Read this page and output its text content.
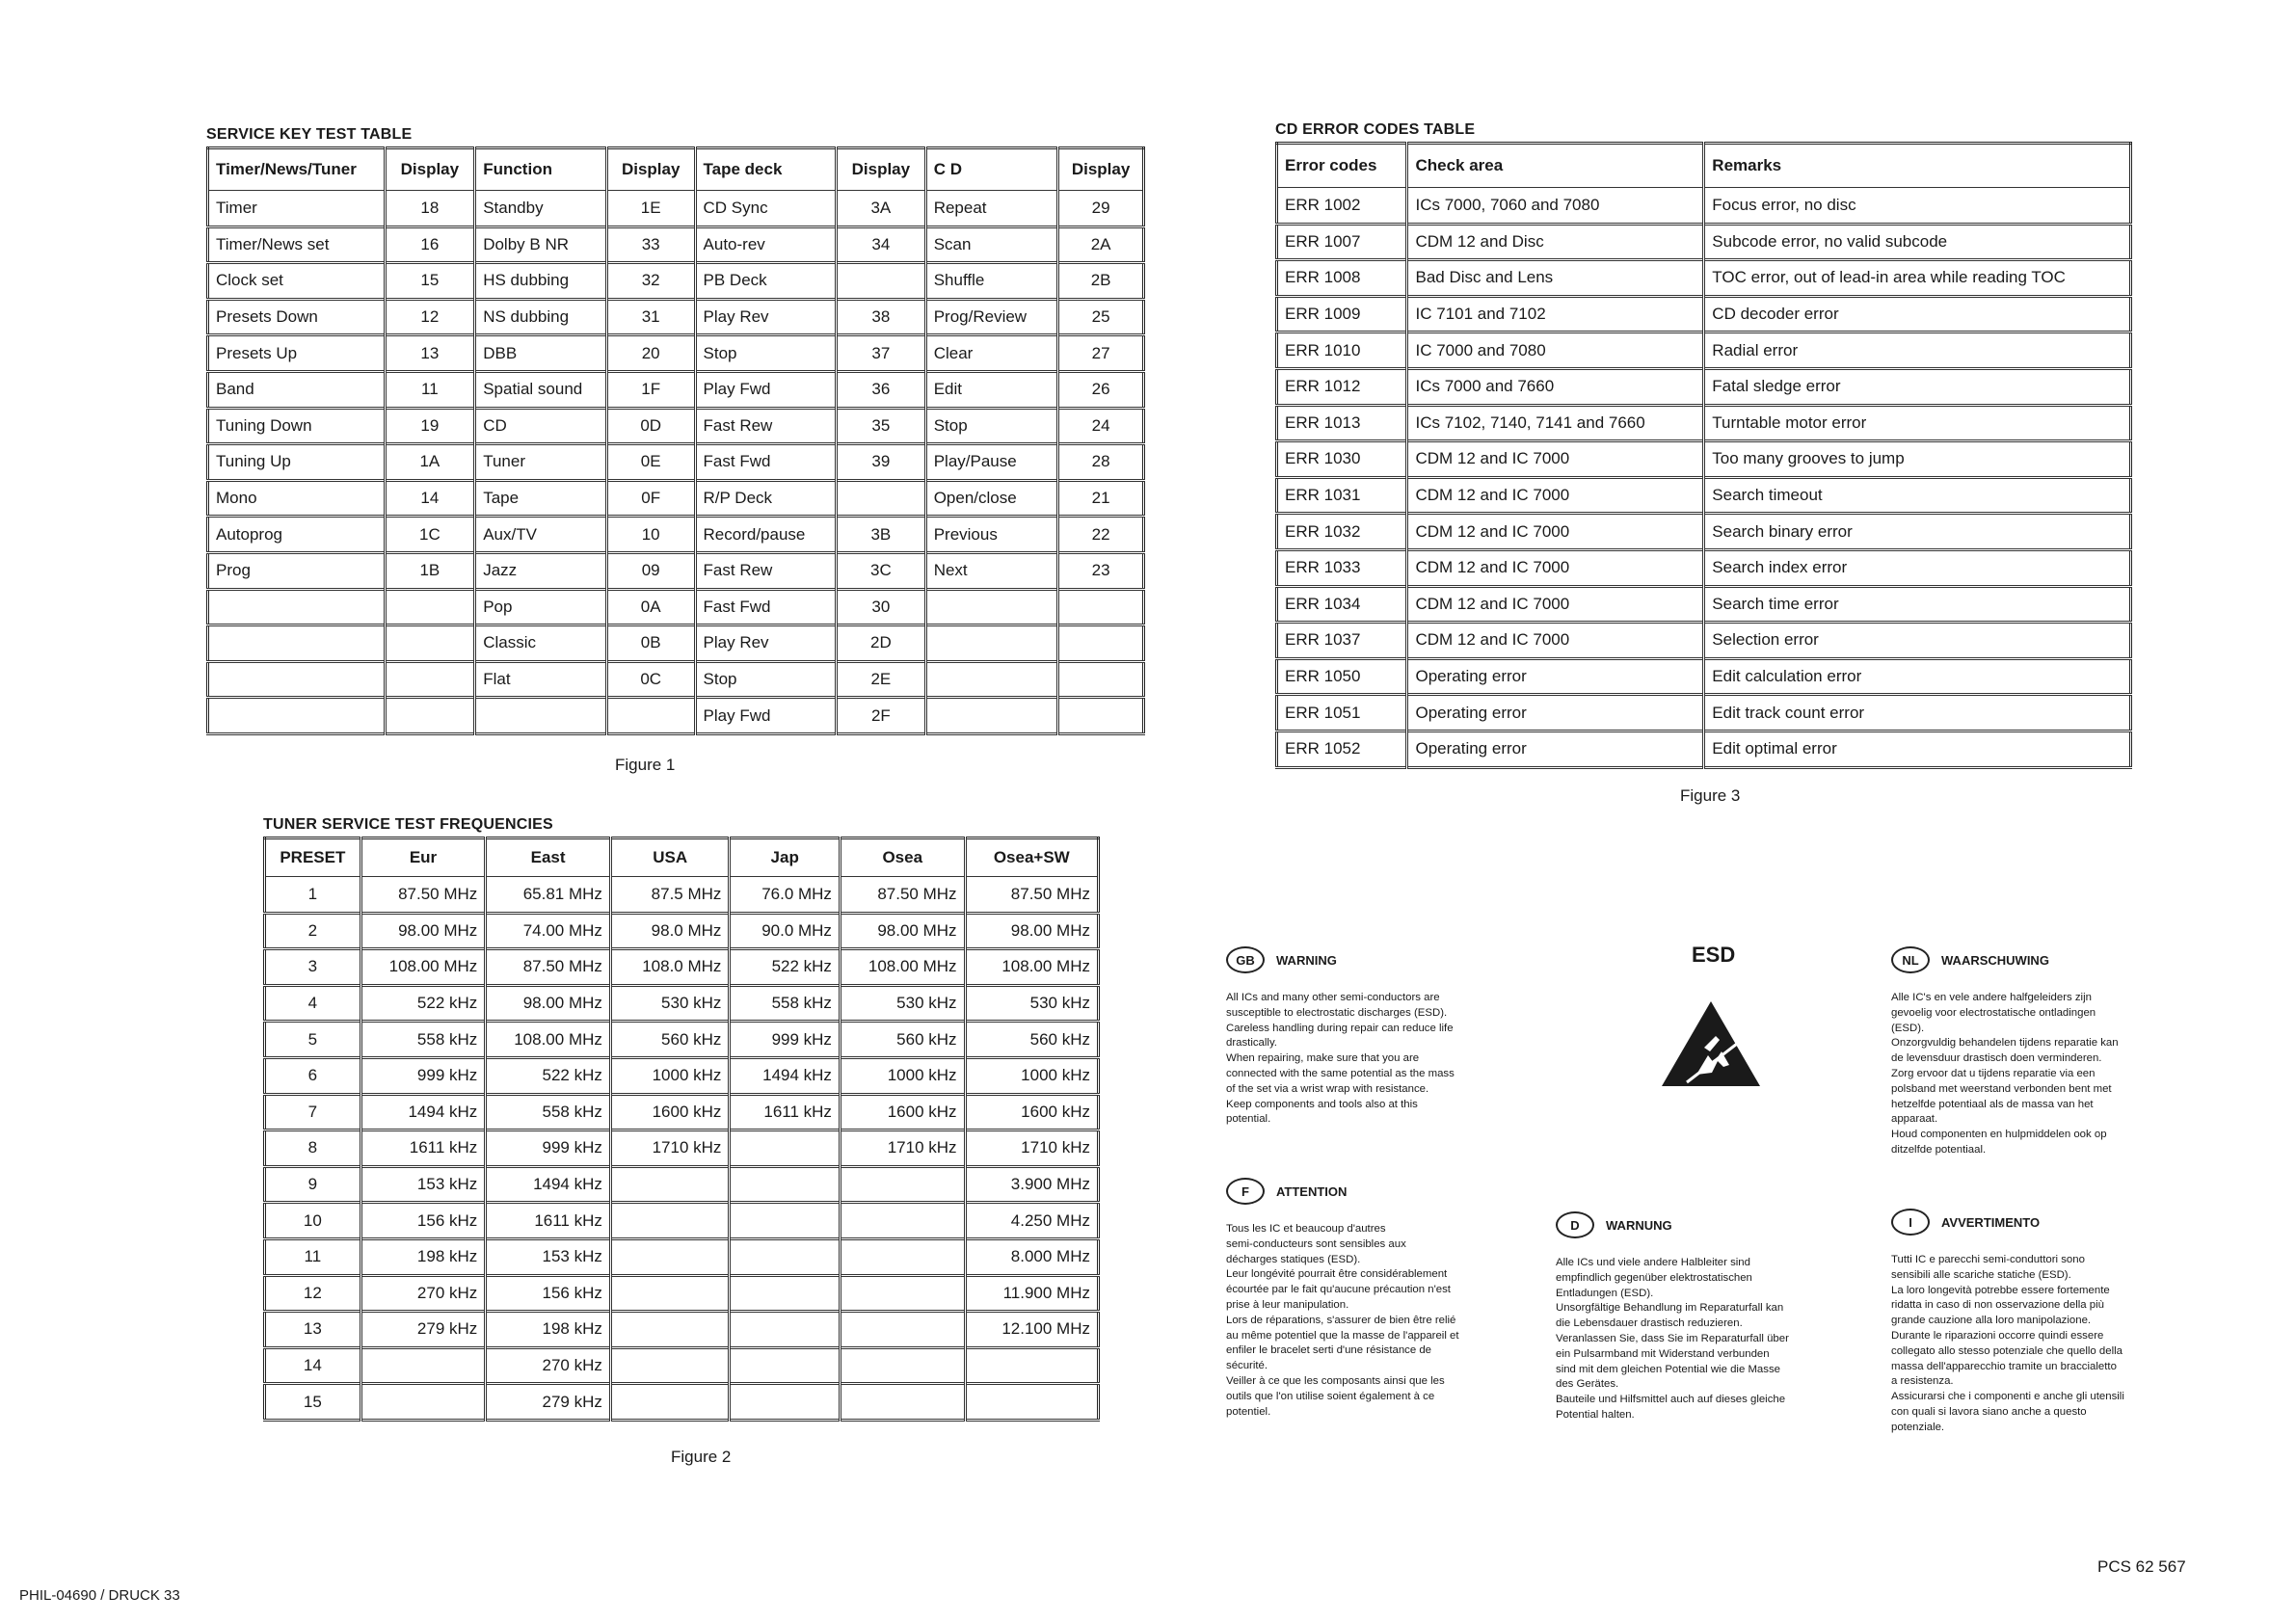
SERVICE KEY TEST TABLE
Timer/News/Tuner	Display	Function	Display	Tape deck	Display	C D	Display
Timer	18	Standby	1E	CD Sync	3A	Repeat	29
Timer/News set	16	Dolby B NR	33	Auto-rev	34	Scan	2A
Clock set	15	HS dubbing	32	PB Deck		Shuffle	2B
Presets Down	12	NS dubbing	31	Play Rev	38	Prog/Review	25
Presets Up	13	DBB	20	Stop	37	Clear	27
Band	11	Spatial sound	1F	Play Fwd	36	Edit	26
Tuning Down	19	CD	0D	Fast Rew	35	Stop	24
Tuning Up	1A	Tuner	0E	Fast Fwd	39	Play/Pause	28
Mono	14	Tape	0F	R/P Deck		Open/close	21
Autoprog	1C	Aux/TV	10	Record/pause	3B	Previous	22
Prog	1B	Jazz	09	Fast Rew	3C	Next	23
		Pop	0A	Fast Fwd	30		
		Classic	0B	Play Rev	2D		
		Flat	0C	Stop	2E		
				Play Fwd	2F		
Figure 1
TUNER SERVICE TEST FREQUENCIES
PRESET	Eur	East	USA	Jap	Osea	Osea+SW
1	87.50 MHz	65.81 MHz	87.5 MHz	76.0 MHz	87.50 MHz	87.50 MHz
2	98.00 MHz	74.00 MHz	98.0 MHz	90.0 MHz	98.00 MHz	98.00 MHz
3	108.00 MHz	87.50 MHz	108.0 MHz	522 kHz	108.00 MHz	108.00 MHz
4	522 kHz	98.00 MHz	530 kHz	558 kHz	530 kHz	530 kHz
5	558 kHz	108.00 MHz	560 kHz	999 kHz	560 kHz	560 kHz
6	999 kHz	522 kHz	1000 kHz	1494 kHz	1000 kHz	1000 kHz
7	1494 kHz	558 kHz	1600 kHz	1611 kHz	1600 kHz	1600 kHz
8	1611 kHz	999 kHz	1710 kHz		1710 kHz	1710 kHz
9	153 kHz	1494 kHz				3.900 MHz
10	156 kHz	1611 kHz				4.250 MHz
11	198 kHz	153 kHz				8.000 MHz
12	270 kHz	156 kHz				11.900 MHz
13	279 kHz	198 kHz				12.100 MHz
14		270 kHz				
15		279 kHz				
Figure 2
CD ERROR CODES TABLE
Error codes	Check area	Remarks
ERR 1002	ICs 7000, 7060 and 7080	Focus error, no disc
ERR 1007	CDM 12 and Disc	Subcode error, no valid subcode
ERR 1008	Bad Disc and Lens	TOC error, out of lead-in area while reading TOC
ERR 1009	IC 7101 and 7102	CD decoder error
ERR 1010	IC 7000 and 7080	Radial error
ERR 1012	ICs 7000 and 7660	Fatal sledge error
ERR 1013	ICs 7102, 7140, 7141 and 7660	Turntable motor error
ERR 1030	CDM 12 and IC 7000	Too many grooves to jump
ERR 1031	CDM 12 and IC 7000	Search timeout
ERR 1032	CDM 12 and IC 7000	Search binary error
ERR 1033	CDM 12 and IC 7000	Search index error
ERR 1034	CDM 12 and IC 7000	Search time error
ERR 1037	CDM 12 and IC 7000	Selection error
ERR 1050	Operating error	Edit calculation error
ERR 1051	Operating error	Edit track count error
ERR 1052	Operating error	Edit optimal error
Figure 3
GB	WARNING
All ICs and many other semi-conductors are
susceptible to electrostatic discharges (ESD).
Careless handling during repair can reduce life
drastically.
When repairing, make sure that you are
connected with the same potential as the mass
of the set via a wrist wrap with resistance.
Keep components and tools also at this
potential.
ESD	NL	WAARSCHUWING
Alle IC's en vele andere halfgeleiders zijn
gevoelig voor electrostatische ontladingen
(ESD).
Onzorgvuldig behandelen tijdens reparatie kan
de levensduur drastisch doen verminderen.
Zorg ervoor dat u tijdens reparatie via een
polsband met weerstand verbonden bent met
hetzelfde potentiaal als de massa van het
apparaat.
Houd componenten en hulpmiddelen ook op
ditzelfde potentiaal.
F	ATTENTION
Tous les IC et beaucoup d'autres
semi-conducteurs sont sensibles aux
décharges statiques (ESD).
Leur longévité pourrait être considérablement
écourtée par le fait qu'aucune précaution n'est
prise à leur manipulation.
Lors de réparations, s'assurer de bien être relié
au même potentiel que la masse de l'appareil et
enfiler le bracelet serti d'une résistance de
sécurité.
Veiller à ce que les composants ainsi que les
outils que l'on utilise soient également à ce
potentiel.
D	WARNUNG
Alle ICs und viele andere Halbleiter sind
empfindlich gegenüber elektrostatischen
Entladungen (ESD).
Unsorgfältige Behandlung im Reparaturfall kan
die Lebensdauer drastisch reduzieren.
Veranlassen Sie, dass Sie im Reparaturfall über
ein Pulsarmband mit Widerstand verbunden
sind mit dem gleichen Potential wie die Masse
des Gerätes.
Bauteile und Hilfsmittel auch auf dieses gleiche
Potential halten.
I	AVVERTIMENTO
Tutti IC e parecchi semi-conduttori sono
sensibili alle scariche statiche (ESD).
La loro longevità potrebbe essere fortemente
ridatta in caso di non osservazione della più
grande cauzione alla loro manipolazione.
Durante le riparazioni occorre quindi essere
collegato allo stesso potenziale che quello della
massa dell'apparecchio tramite un braccialetto
a resistenza.
Assicurarsi che i componenti e anche gli utensili
con quali si lavora siano anche a questo
potenziale.
PHIL-04690 / DRUCK 33
PCS 62 567
